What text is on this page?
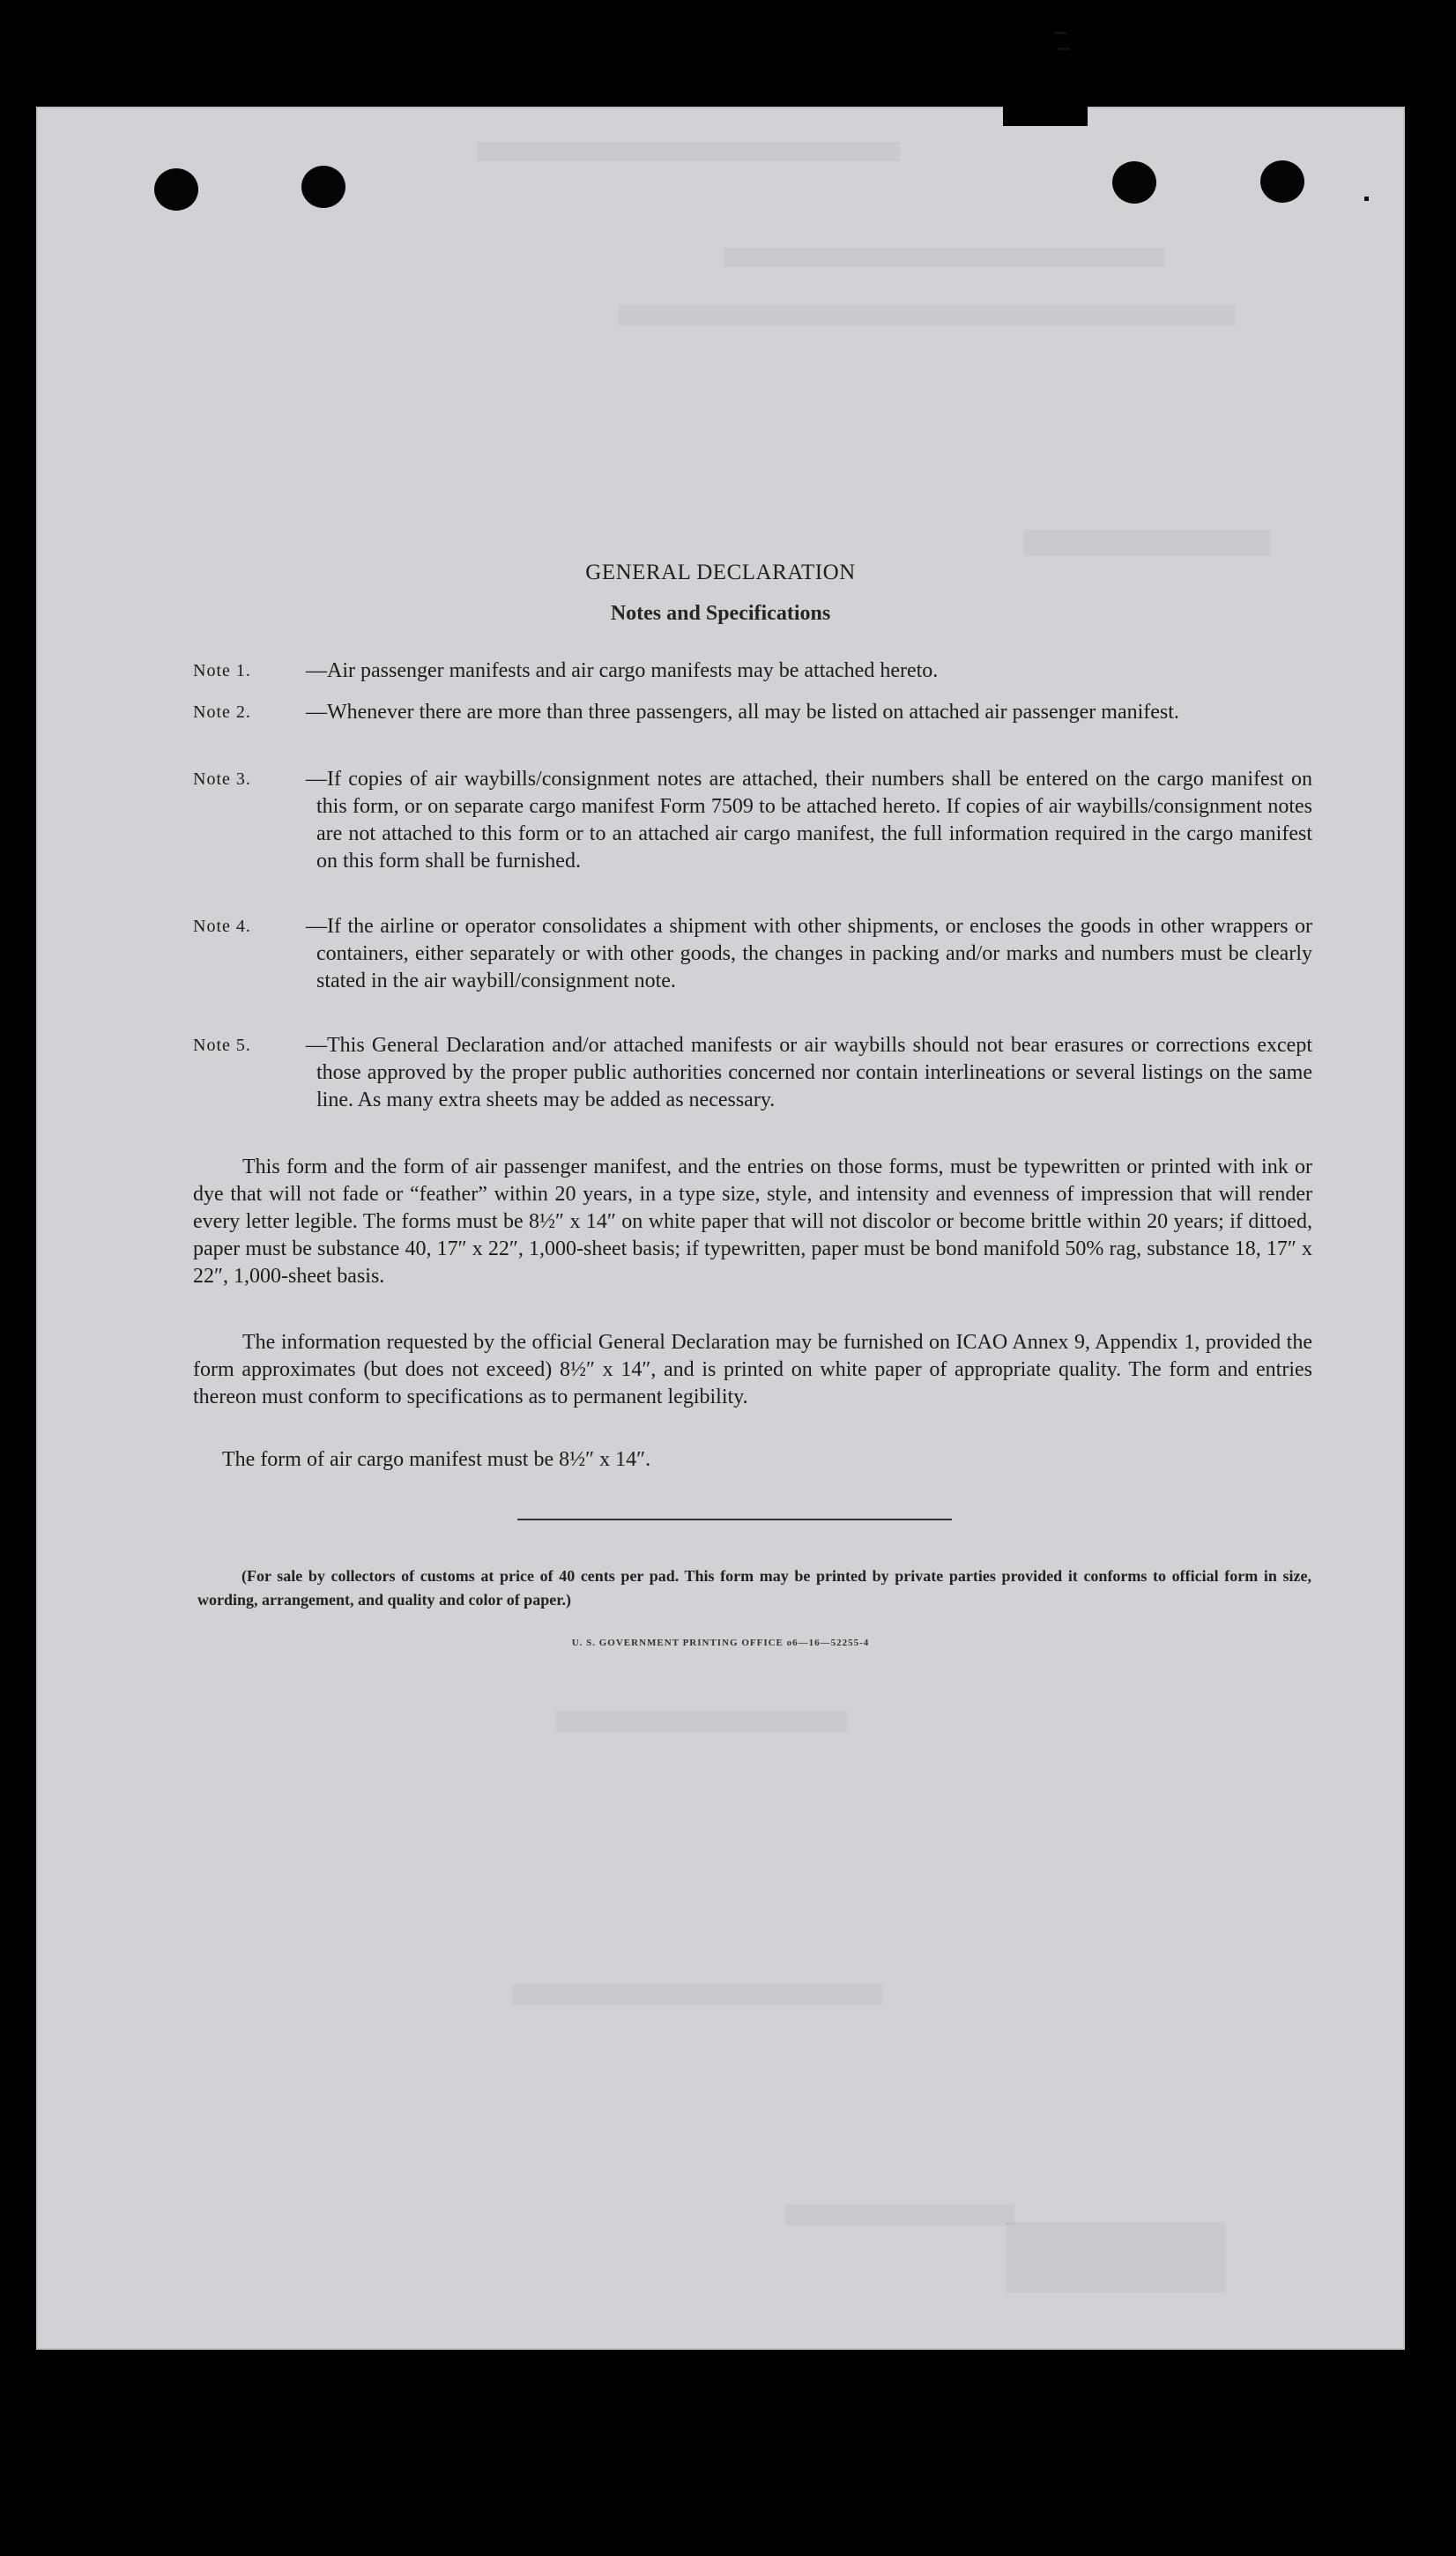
GENERAL DECLARATION
Notes and Specifications
Note 1.	—Air passenger manifests and air cargo manifests may be attached hereto.
Note 2.	—Whenever there are more than three passengers, all may be listed on attached air passenger manifest.
Note 3.	—If copies of air waybills/consignment notes are attached, their numbers shall be entered on the cargo manifest on this form, or on separate cargo manifest Form 7509 to be attached hereto. If copies of air waybills/consignment notes are not attached to this form or to an attached air cargo manifest, the full information required in the cargo manifest on this form shall be furnished.
Note 4.	—If the airline or operator consolidates a shipment with other shipments, or encloses the goods in other wrappers or containers, either separately or with other goods, the changes in packing and/or marks and numbers must be clearly stated in the air waybill/consignment note.
Note 5.	—This General Declaration and/or attached manifests or air waybills should not bear erasures or corrections except those approved by the proper public authorities concerned nor contain interlineations or several listings on the same line. As many extra sheets may be added as necessary.
This form and the form of air passenger manifest, and the entries on those forms, must be typewritten or printed with ink or dye that will not fade or “feather” within 20 years, in a type size, style, and intensity and evenness of impression that will render every letter legible. The forms must be 8½″ x 14″ on white paper that will not discolor or become brittle within 20 years; if dittoed, paper must be substance 40, 17″ x 22″, 1,000-sheet basis; if typewritten, paper must be bond manifold 50% rag, substance 18, 17″ x 22″, 1,000-sheet basis.
The information requested by the official General Declaration may be furnished on ICAO Annex 9, Appendix 1, provided the form approximates (but does not exceed) 8½″ x 14″, and is printed on white paper of appropriate quality. The form and entries thereon must conform to specifications as to permanent legibility.
The form of air cargo manifest must be 8½″ x 14″.
(For sale by collectors of customs at price of 40 cents per pad. This form may be printed by private parties provided it conforms to official form in size, wording, arrangement, and quality and color of paper.)
U. S. GOVERNMENT PRINTING OFFICE o6—16—52255-4
